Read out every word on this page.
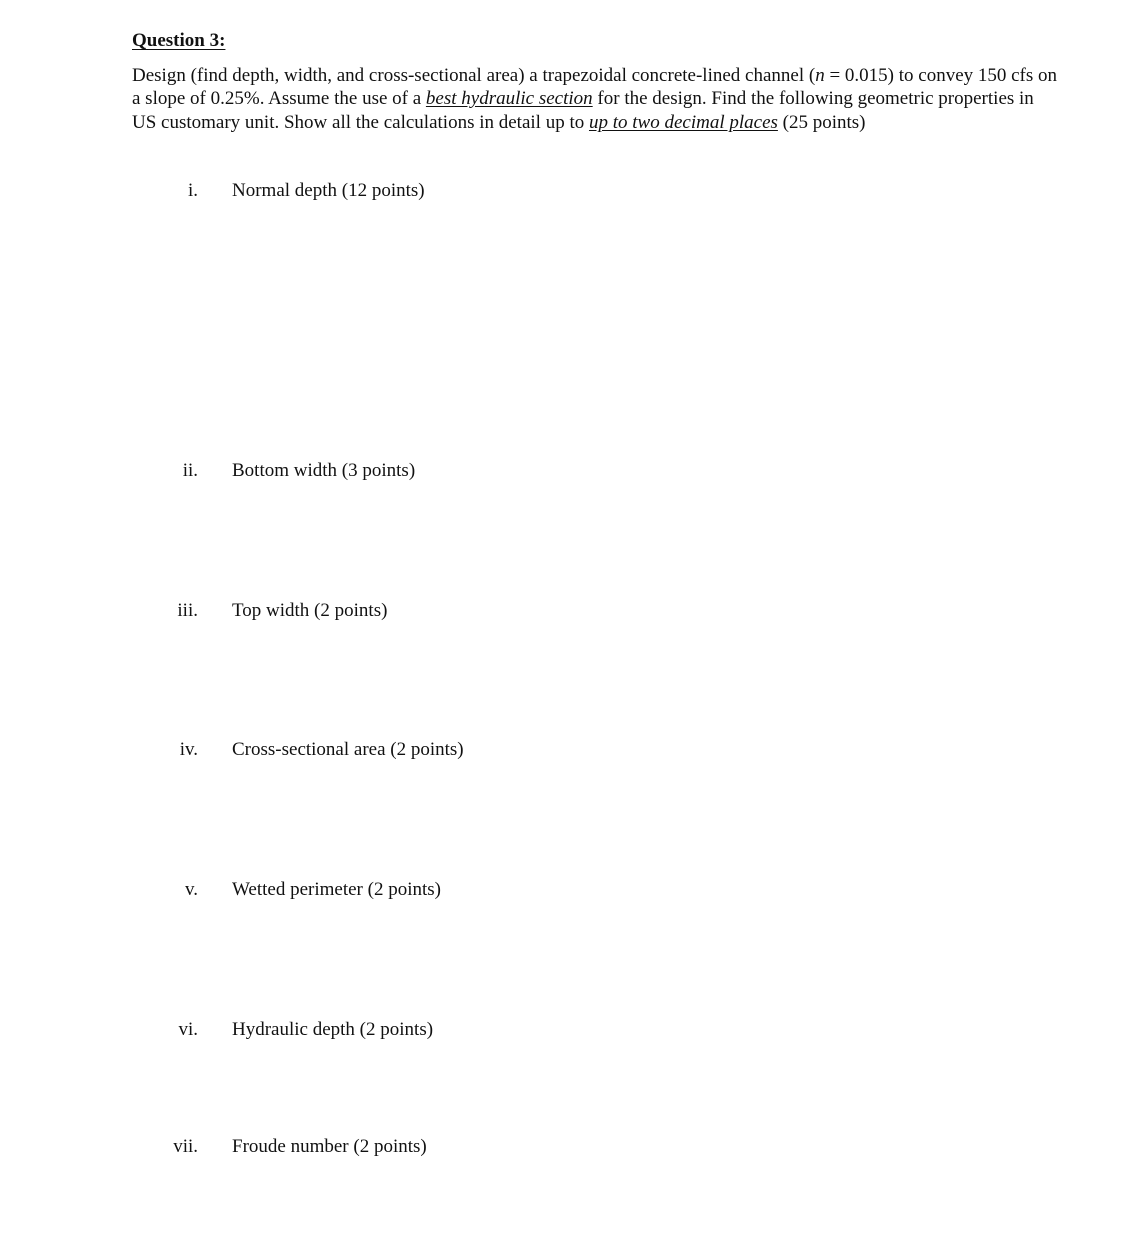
Question 3:

Design (find depth, width, and cross-sectional area) a trapezoidal concrete-lined channel (n = 0.015) to convey 150 cfs on a slope of 0.25%. Assume the use of a best hydraulic section for the design. Find the following geometric properties in US customary unit. Show all the calculations in detail up to up to two decimal places (25 points)

i. Normal depth (12 points)
ii. Bottom width (3 points)
iii. Top width (2 points)
iv. Cross-sectional area (2 points)
v. Wetted perimeter (2 points)
vi. Hydraulic depth (2 points)
vii. Froude number (2 points)
